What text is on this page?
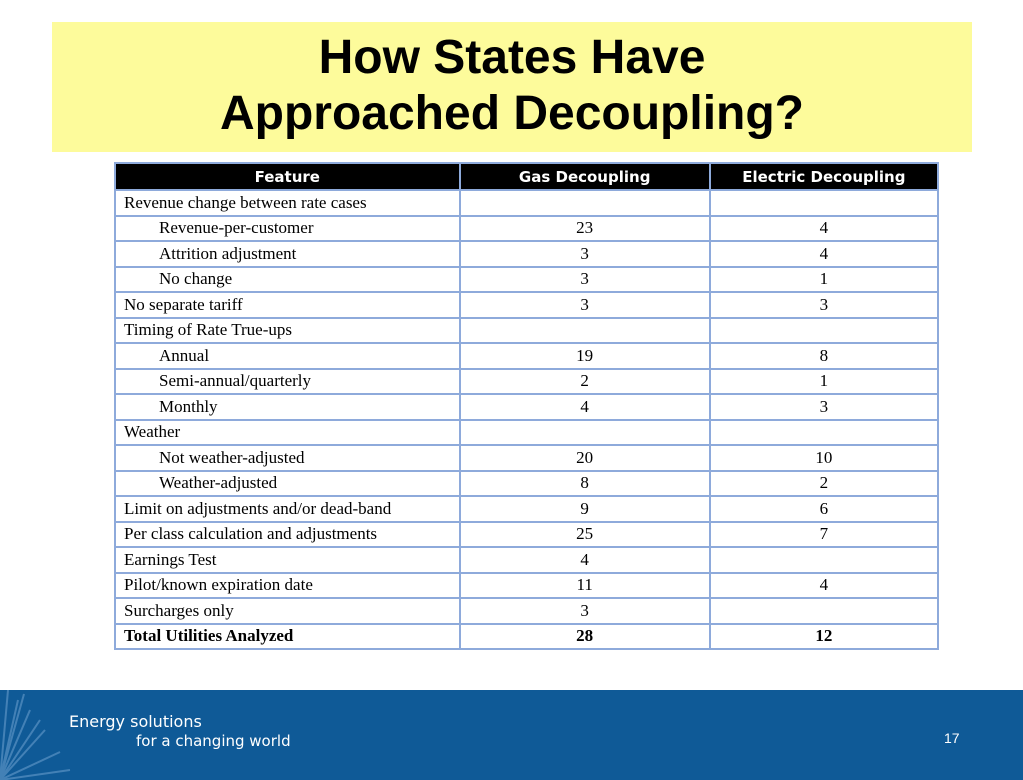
How States Have
Approached Decoupling?
Feature	Gas Decoupling	Electric Decoupling
Revenue change between rate cases		
Revenue-per-customer	23	4
Attrition adjustment	3	4
No change	3	1
No separate tariff	3	3
Timing of Rate True-ups		
Annual	19	8
Semi-annual/quarterly	2	1
Monthly	4	3
Weather		
Not weather-adjusted	20	10
Weather-adjusted	8	2
Limit on adjustments and/or dead-band	9	6
Per class calculation and adjustments	25	7
Earnings Test	4	
Pilot/known expiration date	11	4
Surcharges only	3	
Total Utilities Analyzed	28	12
Energy solutions
for a changing world	17
